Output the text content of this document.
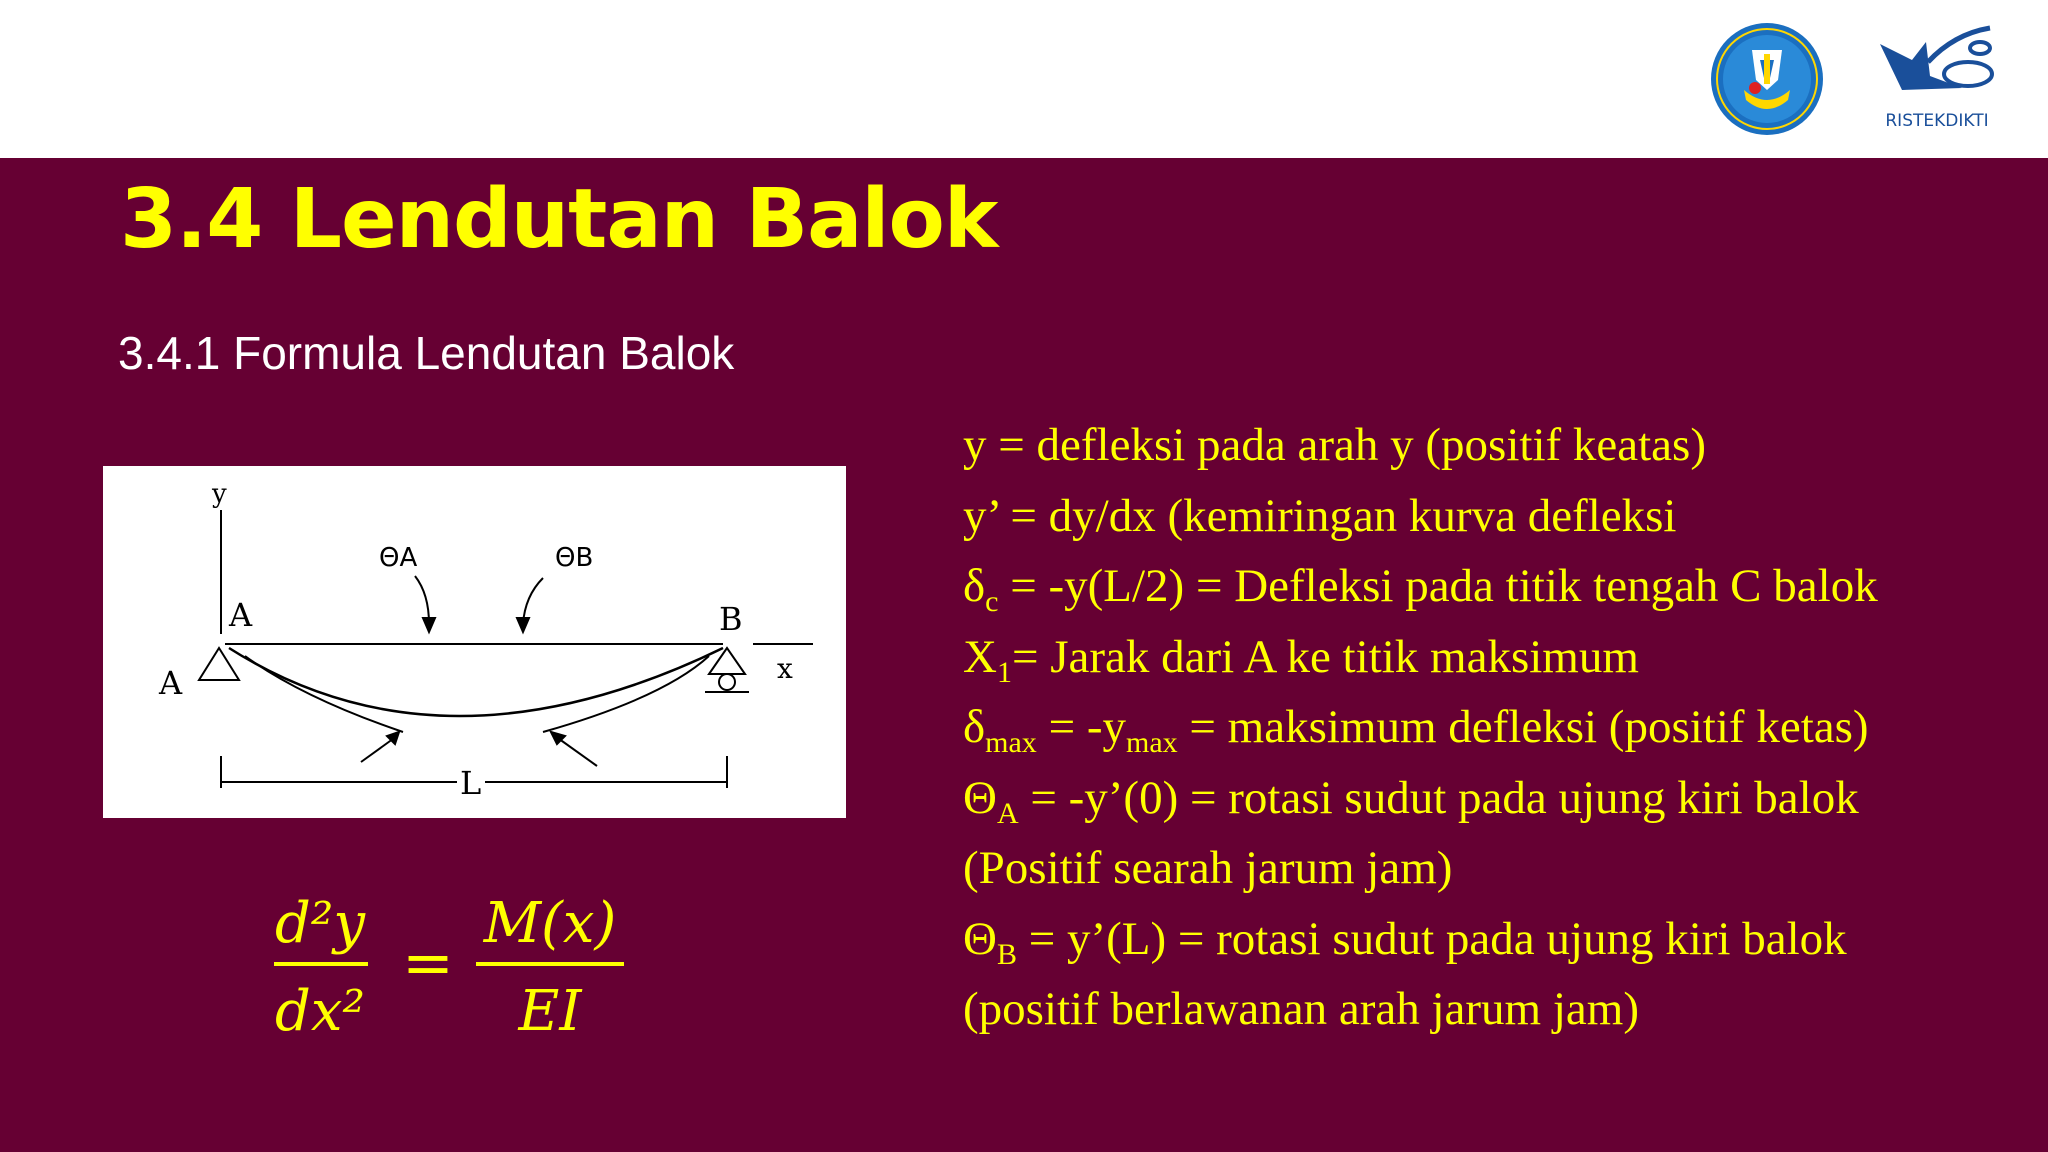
RISTEKDIKTI
3.4 Lendutan Balok
3.4.1 Formula Lendutan Balok
y
ΘA	ΘB
A
A
B
x
L
d²y
dx²
=
M(x)
EI
y = defleksi pada arah y (positif keatas)
y’ = dy/dx (kemiringan kurva defleksi
$\delta_c = -y(L/2)$ = Defleksi pada titik tengah C balok
$X_1=$ Jarak dari A ke titik maksimum
$\delta_{max} = -y_{max}$ = maksimum defleksi (positif ketas)
$\Theta_A$ = -y’(0) = rotasi sudut pada ujung kiri balok
(Positif searah jarum jam)
$\Theta_B$ = y’(L) = rotasi sudut pada ujung kiri balok
(positif berlawanan arah jarum jam)
